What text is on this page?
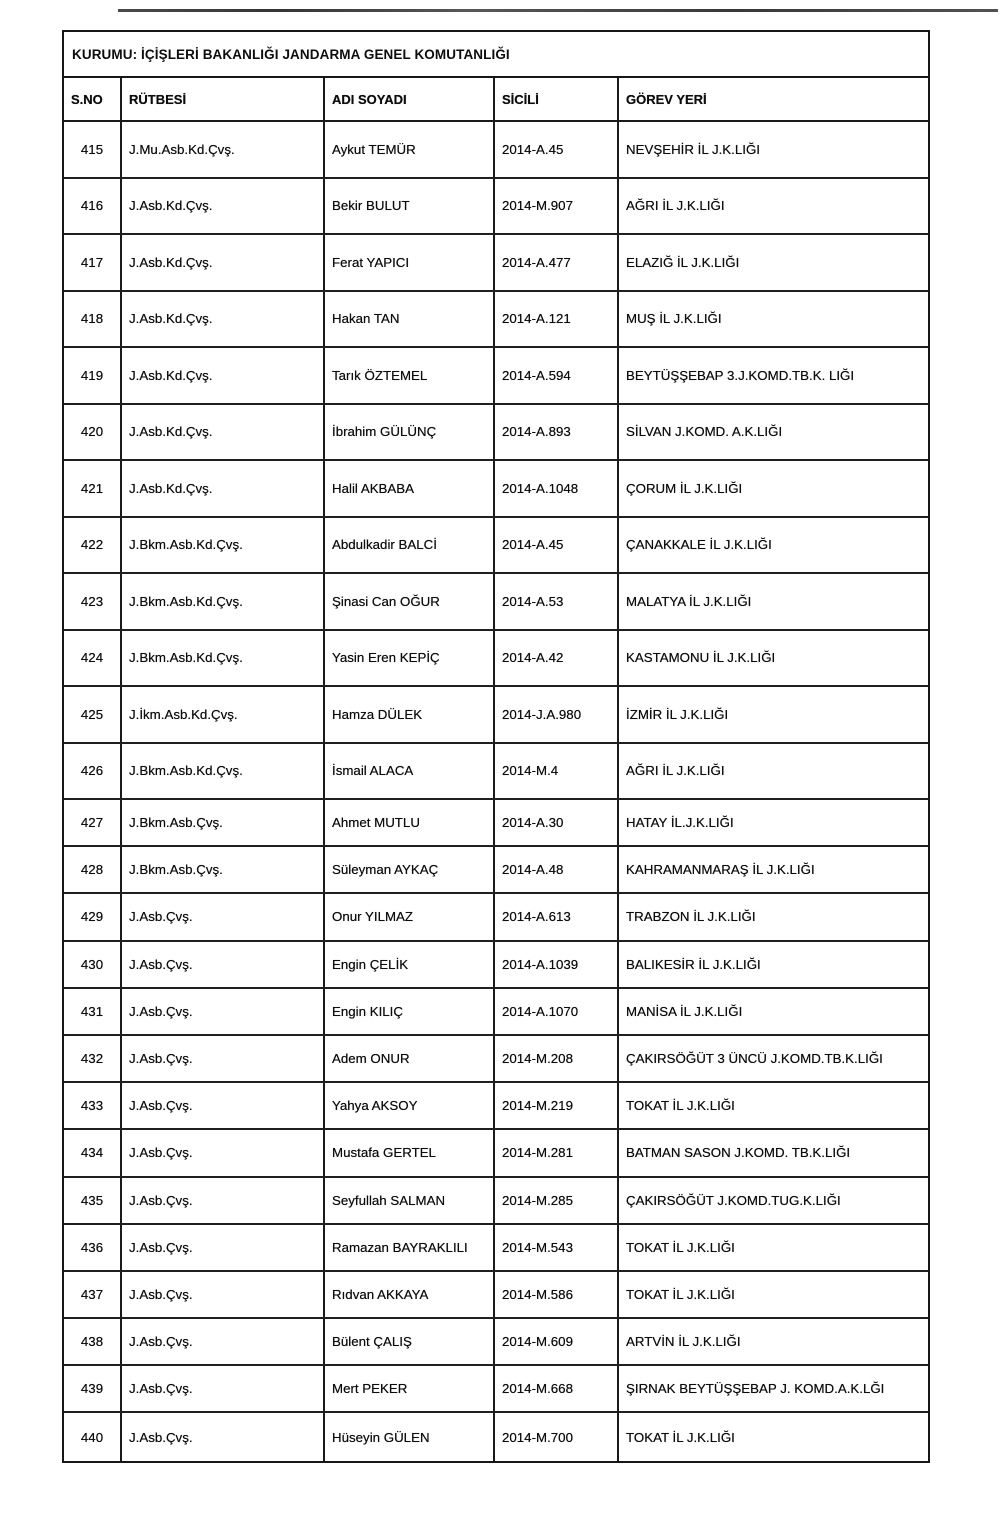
KURUMU: İÇİŞLERİ BAKANLIĞI JANDARMA GENEL KOMUTANLIĞI
S.NO	RÜTBESİ	ADI SOYADI	SİCİLİ	GÖREV YERİ
415	J.Mu.Asb.Kd.Çvş.	Aykut TEMÜR	2014-A.45	NEVŞEHİR İL J.K.LIĞI
416	J.Asb.Kd.Çvş.	Bekir BULUT	2014-M.907	AĞRI İL J.K.LIĞI
417	J.Asb.Kd.Çvş.	Ferat YAPICI	2014-A.477	ELAZIĞ İL J.K.LIĞI
418	J.Asb.Kd.Çvş.	Hakan TAN	2014-A.121	MUŞ İL J.K.LIĞI
419	J.Asb.Kd.Çvş.	Tarık ÖZTEMEL	2014-A.594	BEYTÜŞŞEBAP 3.J.KOMD.TB.K. LIĞI
420	J.Asb.Kd.Çvş.	İbrahim GÜLÜNÇ	2014-A.893	SİLVAN J.KOMD. A.K.LIĞI
421	J.Asb.Kd.Çvş.	Halil AKBABA	2014-A.1048	ÇORUM İL J.K.LIĞI
422	J.Bkm.Asb.Kd.Çvş.	Abdulkadir BALCİ	2014-A.45	ÇANAKKALE İL J.K.LIĞI
423	J.Bkm.Asb.Kd.Çvş.	Şinasi Can OĞUR	2014-A.53	MALATYA İL J.K.LIĞI
424	J.Bkm.Asb.Kd.Çvş.	Yasin Eren KEPİÇ	2014-A.42	KASTAMONU İL J.K.LIĞI
425	J.İkm.Asb.Kd.Çvş.	Hamza DÜLEK	2014-J.A.980	İZMİR İL J.K.LIĞI
426	J.Bkm.Asb.Kd.Çvş.	İsmail ALACA	2014-M.4	AĞRI İL J.K.LIĞI
427	J.Bkm.Asb.Çvş.	Ahmet MUTLU	2014-A.30	HATAY İL.J.K.LIĞI
428	J.Bkm.Asb.Çvş.	Süleyman AYKAÇ	2014-A.48	KAHRAMANMARAŞ İL J.K.LIĞI
429	J.Asb.Çvş.	Onur YILMAZ	2014-A.613	TRABZON İL J.K.LIĞI
430	J.Asb.Çvş.	Engin ÇELİK	2014-A.1039	BALIKESİR İL J.K.LIĞI
431	J.Asb.Çvş.	Engin KILIÇ	2014-A.1070	MANİSA İL J.K.LIĞI
432	J.Asb.Çvş.	Adem ONUR	2014-M.208	ÇAKIRSÖĞÜT 3 ÜNCÜ J.KOMD.TB.K.LIĞI
433	J.Asb.Çvş.	Yahya AKSOY	2014-M.219	TOKAT İL J.K.LIĞI
434	J.Asb.Çvş.	Mustafa GERTEL	2014-M.281	BATMAN SASON J.KOMD. TB.K.LIĞI
435	J.Asb.Çvş.	Seyfullah SALMAN	2014-M.285	ÇAKIRSÖĞÜT J.KOMD.TUG.K.LIĞI
436	J.Asb.Çvş.	Ramazan BAYRAKLILI	2014-M.543	TOKAT İL J.K.LIĞI
437	J.Asb.Çvş.	Rıdvan AKKAYA	2014-M.586	TOKAT İL J.K.LIĞI
438	J.Asb.Çvş.	Bülent ÇALIŞ	2014-M.609	ARTVİN İL J.K.LIĞI
439	J.Asb.Çvş.	Mert PEKER	2014-M.668	ŞIRNAK BEYTÜŞŞEBAP J. KOMD.A.K.LĞI
440	J.Asb.Çvş.	Hüseyin GÜLEN	2014-M.700	TOKAT İL J.K.LIĞI
